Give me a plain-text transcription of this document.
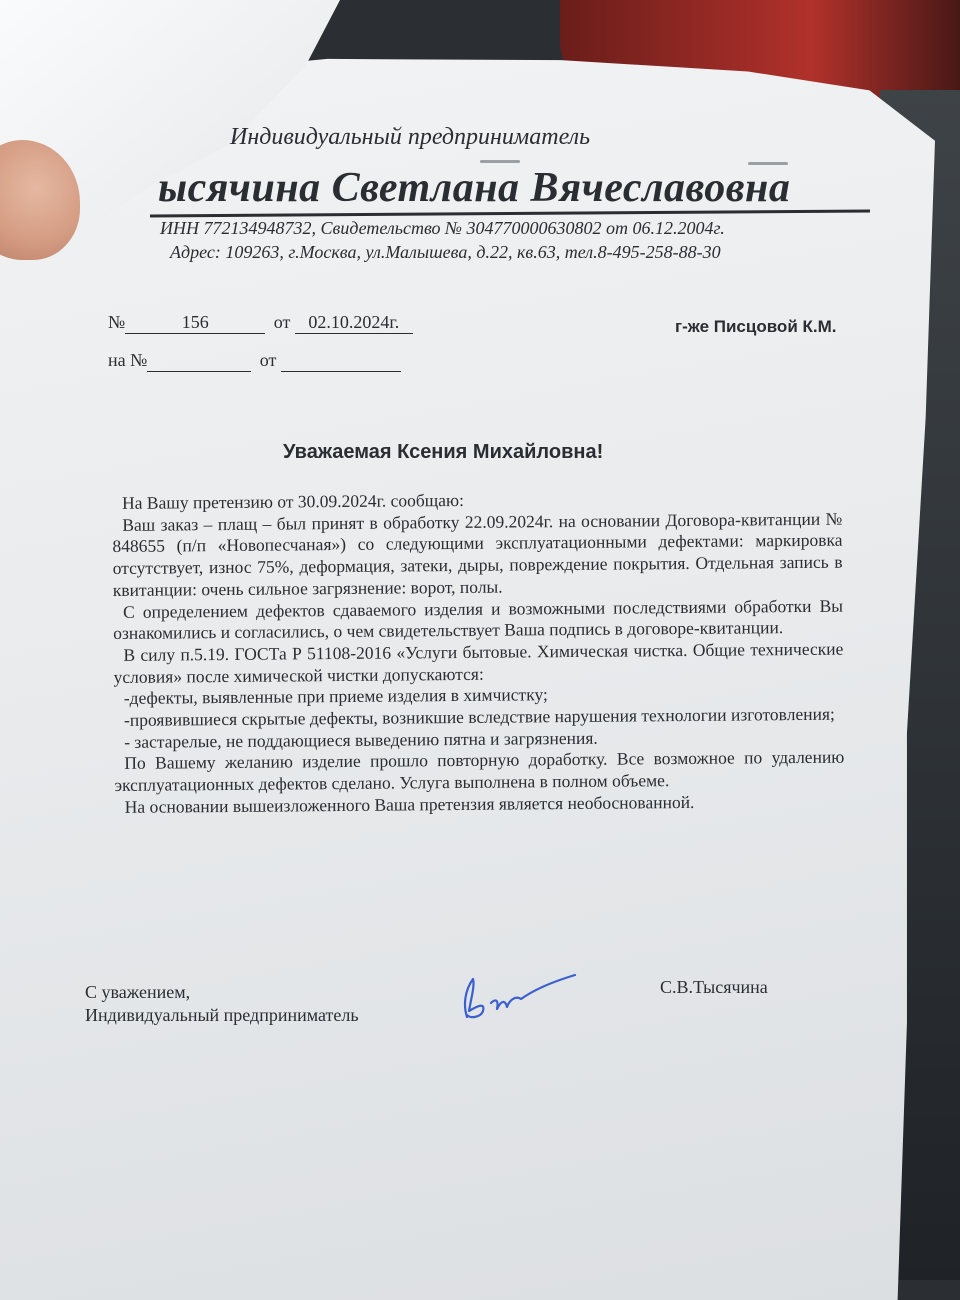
Индивидуальный предприниматель
ысячина Светлана Вячеславовна
ИНН 772134948732, Свидетельство № 304770000630802 от 06.12.2004г.
Адрес: 109263, г.Москва, ул.Малышева, д.22, кв.63, тел.8-495-258-88-30
№	156	от 02.10.2024г.
на №	от
г-же Писцовой К.М.
Уважаемая Ксения Михайловна!

На Вашу претензию от 30.09.2024г. сообщаю:

Ваш заказ – плащ – был принят в обработку 22.09.2024г. на основании Договора-квитанции № 848655 (п/п «Новопесчаная») со следующими эксплуатационными дефектами: маркировка отсутствует, износ 75%, деформация, затеки, дыры, повреждение покрытия. Отдельная запись в квитанции: очень сильное загрязнение: ворот, полы.

С определением дефектов сдаваемого изделия и возможными последствиями обработки Вы ознакомились и согласились, о чем свидетельствует Ваша подпись в договоре-квитанции.

В силу п.5.19. ГОСТа Р 51108-2016 «Услуги бытовые. Химическая чистка. Общие технические условия» после химической чистки допускаются:

-дефекты, выявленные при приеме изделия в химчистку;

-проявившиеся скрытые дефекты, возникшие вследствие нарушения технологии изготовления;

- застарелые, не поддающиеся выведению пятна и загрязнения.

По Вашему желанию изделие прошло повторную доработку. Все возможное по удалению эксплуатационных дефектов сделано. Услуга выполнена в полном объеме.

На основании вышеизложенного Ваша претензия является необоснованной.

С уважением,
Индивидуальный предприниматель
С.В.Тысячина
